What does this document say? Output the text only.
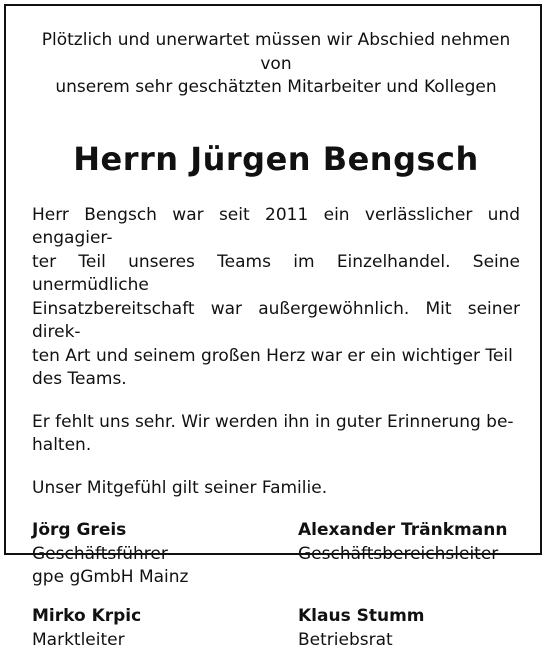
Plötzlich und unerwartet müssen wir Abschied nehmen von

unserem sehr geschätzten Mitarbeiter und Kollegen

Herrn Jürgen Bengsch

Herr Bengsch war seit 2011 ein verlässlicher und engagier-
ter Teil unseres Teams im Einzelhandel. Seine unermüdliche
Einsatzbereitschaft war außergewöhnlich. Mit seiner direk-
ten Art und seinem großen Herz war er ein wichtiger Teil
des Teams.

Er fehlt uns sehr. Wir werden ihn in guter Erinnerung be-
halten.

Unser Mitgefühl gilt seiner Familie.

Jörg Greis
Geschäftsführer
gpe gGmbH Mainz
Alexander Tränkmann
Geschäftsbereichsleiter
Mirko Krpic
Marktleiter
Klaus Stumm
Betriebsrat
